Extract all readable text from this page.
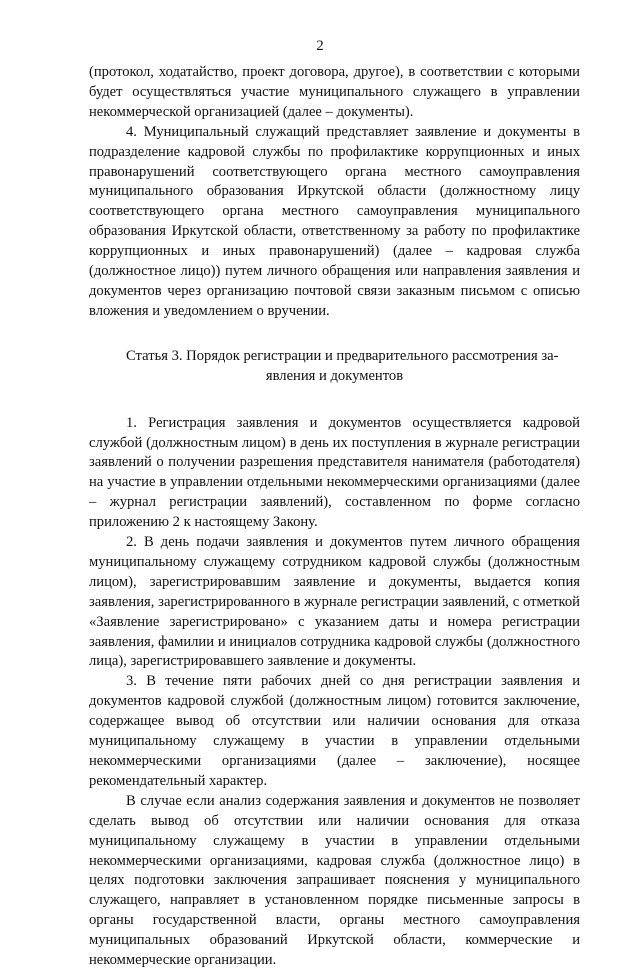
2

(протокол, ходатайство, проект договора, другое), в соответствии с которыми будет осуществляться участие муниципального служащего в управлении некоммерческой организацией (далее – документы).

4. Муниципальный служащий представляет заявление и документы в подразделение кадровой службы по профилактике коррупционных и иных правонарушений соответствующего органа местного самоуправления муниципального образования Иркутской области (должностному лицу соответствующего органа местного самоуправления муниципального образования Иркутской области, ответственному за работу по профилактике коррупционных и иных правонарушений) (далее – кадровая служба (должностное лицо)) путем личного обращения или направления заявления и документов через организацию почтовой связи заказным письмом с описью вложения и уведомлением о вручении.

Статья 3. Порядок регистрации и предварительного рассмотрения за-
явления и документов

1. Регистрация заявления и документов осуществляется кадровой службой (должностным лицом) в день их поступления в журнале регистрации заявлений о получении разрешения представителя нанимателя (работодателя) на участие в управлении отдельными некоммерческими организациями (далее – журнал регистрации заявлений), составленном по форме согласно приложению 2 к настоящему Закону.

2. В день подачи заявления и документов путем личного обращения муниципальному служащему сотрудником кадровой службы (должностным лицом), зарегистрировавшим заявление и документы, выдается копия заявления, зарегистрированного в журнале регистрации заявлений, с отметкой «Заявление зарегистрировано» с указанием даты и номера регистрации заявления, фамилии и инициалов сотрудника кадровой службы (должностного лица), зарегистрировавшего заявление и документы.

3. В течение пяти рабочих дней со дня регистрации заявления и документов кадровой службой (должностным лицом) готовится заключение, содержащее вывод об отсутствии или наличии основания для отказа муниципальному служащему в участии в управлении отдельными некоммерческими организациями (далее – заключение), носящее рекомендательный характер.

В случае если анализ содержания заявления и документов не позволяет сделать вывод об отсутствии или наличии основания для отказа муниципальному служащему в участии в управлении отдельными некоммерческими организациями, кадровая служба (должностное лицо) в целях подготовки заключения запрашивает пояснения у муниципального служащего, направляет в установленном порядке письменные запросы в органы государственной власти, органы местного самоуправления муниципальных образований Иркутской области, коммерческие и некоммерческие организации.
